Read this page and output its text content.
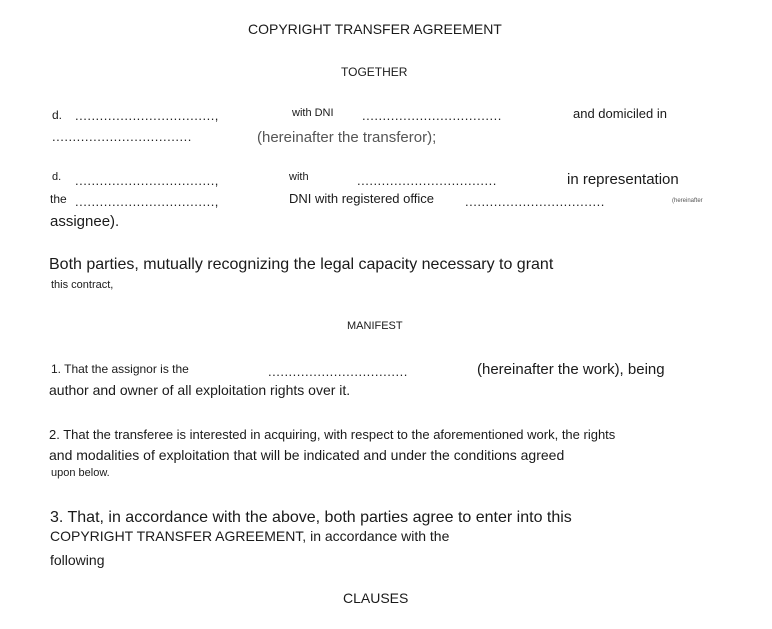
COPYRIGHT TRANSFER AGREEMENT
TOGETHER
d. ..................................,	with DNI ..................................	and domiciled in
..................................	(hereinafter the transferor);
d. ..................................,	with	..................................	in representation
the ..................................,	DNI with registered office ..................................	(hereinafter
assignee).
Both parties, mutually recognizing the legal capacity necessary to grant
this contract,
MANIFEST
1. That the assignor is the	..................................	(hereinafter the work), being
author and owner of all exploitation rights over it.
2. That the transferee is interested in acquiring, with respect to the aforementioned work, the rights
and modalities of exploitation that will be indicated and under the conditions agreed
upon below.
3. That, in accordance with the above, both parties agree to enter into this
COPYRIGHT TRANSFER AGREEMENT, in accordance with the
following
CLAUSES
